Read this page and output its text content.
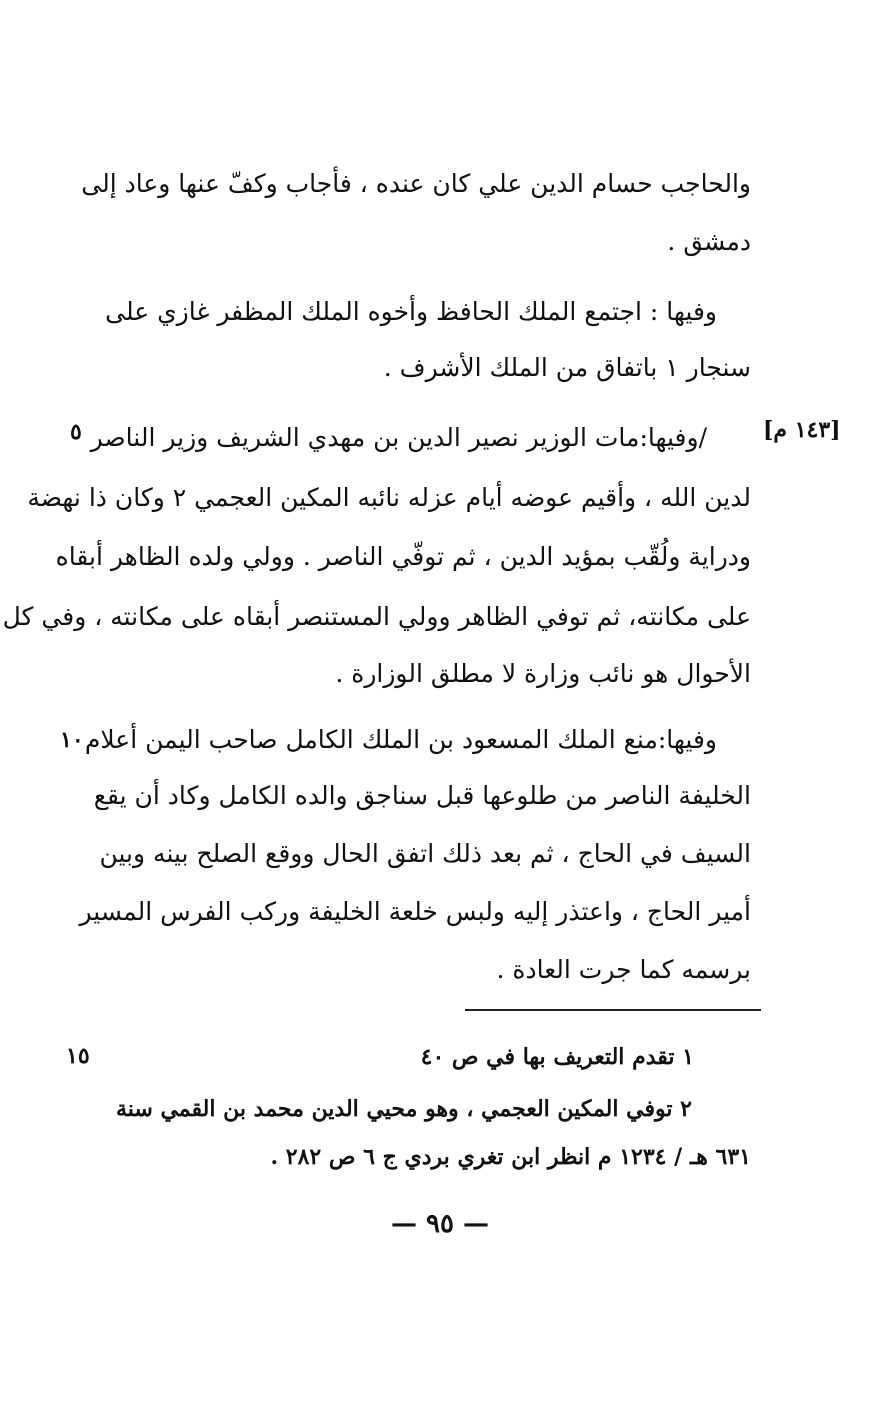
والحاجب حسام الدين علي كان عنده ، فأجاب وكفّ عنها وعاد إلى
دمشق .
وفيها : اجتمع الملك الحافظ وأخوه الملك المظفر غازي على
سنجار ١ باتفاق من الملك الأشرف .
[١٤٣ م]
٥ /وفيها:مات الوزير نصير الدين بن مهدي الشريف وزير الناصر
لدين الله ، وأقيم عوضه أيام عزله نائبه المكين العجمي ٢ وكان ذا نهضة
ودراية ولُقّب بمؤيد الدين ، ثم توفّي الناصر . وولي ولده الظاهر أبقاه
على مكانته، ثم توفي الظاهر وولي المستنصر أبقاه على مكانته ، وفي كل
الأحوال هو نائب وزارة لا مطلق الوزارة .
١٠ وفيها:منع الملك المسعود بن الملك الكامل صاحب اليمن أعلام
الخليفة الناصر من طلوعها قبل سناجق والده الكامل وكاد أن يقع
السيف في الحاج ، ثم بعد ذلك اتفق الحال ووقع الصلح بينه وبين
أمير الحاج ، واعتذر إليه ولبس خلعة الخليفة وركب الفرس المسير
برسمه كما جرت العادة .
١٥	١ تقدم التعريف بها في ص ٤٠
٢ توفي المكين العجمي ، وهو محيي الدين محمد بن القمي سنة
٦٣١ هـ / ١٢٣٤ م انظر ابن تغري بردي ج ٦ ص ٢٨٢ .
— ٩٥ —
